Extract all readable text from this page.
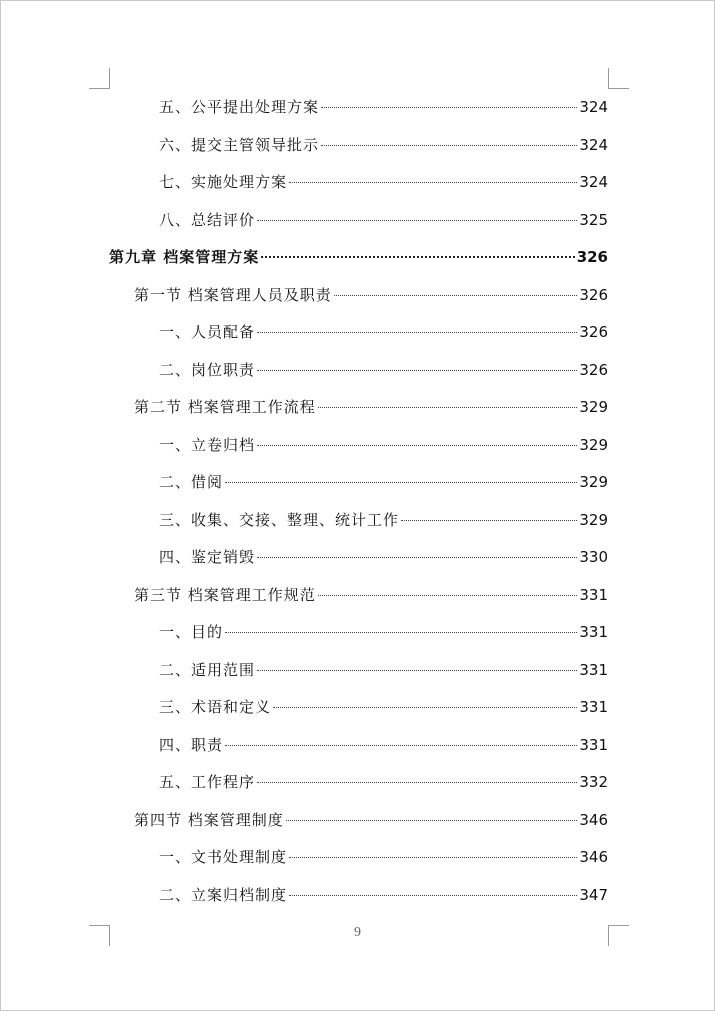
五、公平提出处理方案	324
六、提交主管领导批示	324
七、实施处理方案	324
八、总结评价	325
第九章 档案管理方案	326
第一节 档案管理人员及职责	326
一、人员配备	326
二、岗位职责	326
第二节 档案管理工作流程	329
一、立卷归档	329
二、借阅	329
三、收集、交接、整理、统计工作	329
四、鉴定销毁	330
第三节 档案管理工作规范	331
一、目的	331
二、适用范围	331
三、术语和定义	331
四、职责	331
五、工作程序	332
第四节 档案管理制度	346
一、文书处理制度	346
二、立案归档制度	347
9
